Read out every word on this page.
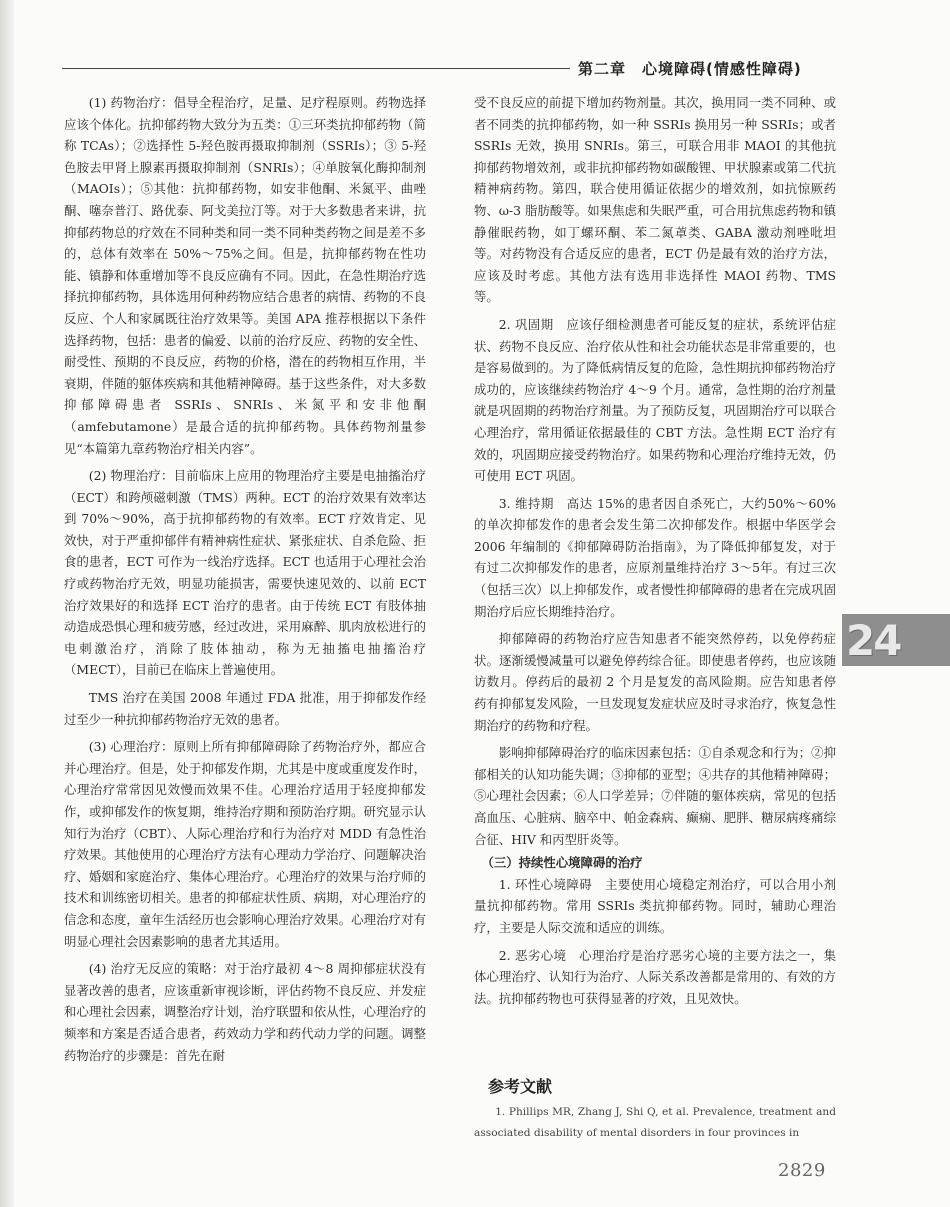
第二章　心境障碍(情感性障碍)

(1) 药物治疗：倡导全程治疗，足量、足疗程原则。药物选择应该个体化。抗抑郁药物大致分为五类：①三环类抗抑郁药物（简称 TCAs）；②选择性 5-羟色胺再摄取抑制剂（SSRIs）；③ 5-羟色胺去甲肾上腺素再摄取抑制剂（SNRIs）；④单胺氧化酶抑制剂（MAOIs）；⑤其他：抗抑郁药物，如安非他酮、米氮平、曲唑酮、噻奈普汀、路优泰、阿戈美拉汀等。对于大多数患者来讲，抗抑郁药物总的疗效在不同种类和同一类不同种类药物之间是差不多的，总体有效率在 50%～75%之间。但是，抗抑郁药物在性功能、镇静和体重增加等不良反应确有不同。因此，在急性期治疗选择抗抑郁药物，具体选用何种药物应结合患者的病情、药物的不良反应、个人和家属既往治疗效果等。美国 APA 推荐根据以下条件选择药物，包括：患者的偏爱、以前的治疗反应、药物的安全性、耐受性、预期的不良反应，药物的价格，潜在的药物相互作用，半衰期，伴随的躯体疾病和其他精神障碍。基于这些条件，对大多数抑郁障碍患者 SSRIs、SNRIs、米氮平和安非他酮（amfebutamone）是最合适的抗抑郁药物。具体药物剂量参见“本篇第九章药物治疗相关内容”。

(2) 物理治疗：目前临床上应用的物理治疗主要是电抽搐治疗（ECT）和跨颅磁刺激（TMS）两种。ECT 的治疗效果有效率达到 70%～90%，高于抗抑郁药物的有效率。ECT 疗效肯定、见效快，对于严重抑郁伴有精神病性症状、紧张症状、自杀危险、拒食的患者，ECT 可作为一线治疗选择。ECT 也适用于心理社会治疗或药物治疗无效，明显功能损害，需要快速见效的、以前 ECT 治疗效果好的和选择 ECT 治疗的患者。由于传统 ECT 有肢体抽动造成恐惧心理和疲劳感，经过改进，采用麻醉、肌肉放松进行的电刺激治疗，消除了肢体抽动，称为无抽搐电抽搐治疗（MECT），目前已在临床上普遍使用。

TMS 治疗在美国 2008 年通过 FDA 批准，用于抑郁发作经过至少一种抗抑郁药物治疗无效的患者。

(3) 心理治疗：原则上所有抑郁障碍除了药物治疗外，都应合并心理治疗。但是，处于抑郁发作期，尤其是中度或重度发作时，心理治疗常常因见效慢而效果不佳。心理治疗适用于轻度抑郁发作，或抑郁发作的恢复期，维持治疗期和预防治疗期。研究显示认知行为治疗（CBT）、人际心理治疗和行为治疗对 MDD 有急性治疗效果。其他使用的心理治疗方法有心理动力学治疗、问题解决治疗、婚姻和家庭治疗、集体心理治疗。心理治疗的效果与治疗师的技术和训练密切相关。患者的抑郁症状性质、病期，对心理治疗的信念和态度，童年生活经历也会影响心理治疗效果。心理治疗对有明显心理社会因素影响的患者尤其适用。

(4) 治疗无反应的策略：对于治疗最初 4～8 周抑郁症状没有显著改善的患者，应该重新审视诊断，评估药物不良反应、并发症和心理社会因素，调整治疗计划，治疗联盟和依从性，心理治疗的频率和方案是否适合患者，药效动力学和药代动力学的问题。调整药物治疗的步骤是：首先在耐

受不良反应的前提下增加药物剂量。其次，换用同一类不同种、或者不同类的抗抑郁药物，如一种 SSRIs 换用另一种 SSRIs；或者 SSRIs 无效，换用 SNRIs。第三，可联合用非 MAOI 的其他抗抑郁药物增效剂，或非抗抑郁药物如碳酸锂、甲状腺素或第二代抗精神病药物。第四，联合使用循证依据少的增效剂，如抗惊厥药物、ω-3 脂肪酸等。如果焦虑和失眠严重，可合用抗焦虑药物和镇静催眠药物，如丁螺环酮、苯二氮䓬类、GABA 激动剂唑吡坦等。对药物没有合适反应的患者，ECT 仍是最有效的治疗方法，应该及时考虑。其他方法有选用非选择性 MAOI 药物、TMS 等。

2. 巩固期　应该仔细检测患者可能反复的症状，系统评估症状、药物不良反应、治疗依从性和社会功能状态是非常重要的，也是容易做到的。为了降低病情反复的危险，急性期抗抑郁药物治疗成功的，应该继续药物治疗 4～9 个月。通常，急性期的治疗剂量就是巩固期的药物治疗剂量。为了预防反复，巩固期治疗可以联合心理治疗，常用循证依据最佳的 CBT 方法。急性期 ECT 治疗有效的，巩固期应接受药物治疗。如果药物和心理治疗维持无效，仍可使用 ECT 巩固。

3. 维持期　高达 15%的患者因自杀死亡，大约50%～60%的单次抑郁发作的患者会发生第二次抑郁发作。根据中华医学会 2006 年编制的《抑郁障碍防治指南》，为了降低抑郁复发，对于有过二次抑郁发作的患者，应原剂量维持治疗 3～5年。有过三次（包括三次）以上抑郁发作，或者慢性抑郁障碍的患者在完成巩固期治疗后应长期维持治疗。

抑郁障碍的药物治疗应告知患者不能突然停药，以免停药症状。逐渐缓慢减量可以避免停药综合征。即使患者停药，也应该随访数月。停药后的最初 2 个月是复发的高风险期。应告知患者停药有抑郁复发风险，一旦发现复发症状应及时寻求治疗，恢复急性期治疗的药物和疗程。

影响抑郁障碍治疗的临床因素包括：①自杀观念和行为；②抑郁相关的认知功能失调；③抑郁的亚型；④共存的其他精神障碍；⑤心理社会因素；⑥人口学差异；⑦伴随的躯体疾病，常见的包括高血压、心脏病、脑卒中、帕金森病、癫痫、肥胖、糖尿病疼痛综合征、HIV 和丙型肝炎等。

（三）持续性心境障碍的治疗

1. 环性心境障碍　主要使用心境稳定剂治疗，可以合用小剂量抗抑郁药物。常用 SSRIs 类抗抑郁药物。同时，辅助心理治疗，主要是人际交流和适应的训练。

2. 恶劣心境　心理治疗是治疗恶劣心境的主要方法之一，集体心理治疗、认知行为治疗、人际关系改善都是常用的、有效的方法。抗抑郁药物也可获得显著的疗效，且见效快。

参考文献

1. Phillips MR, Zhang J, Shi Q, et al. Prevalence, treatment and associated disability of mental disorders in four provinces in

24
2829
